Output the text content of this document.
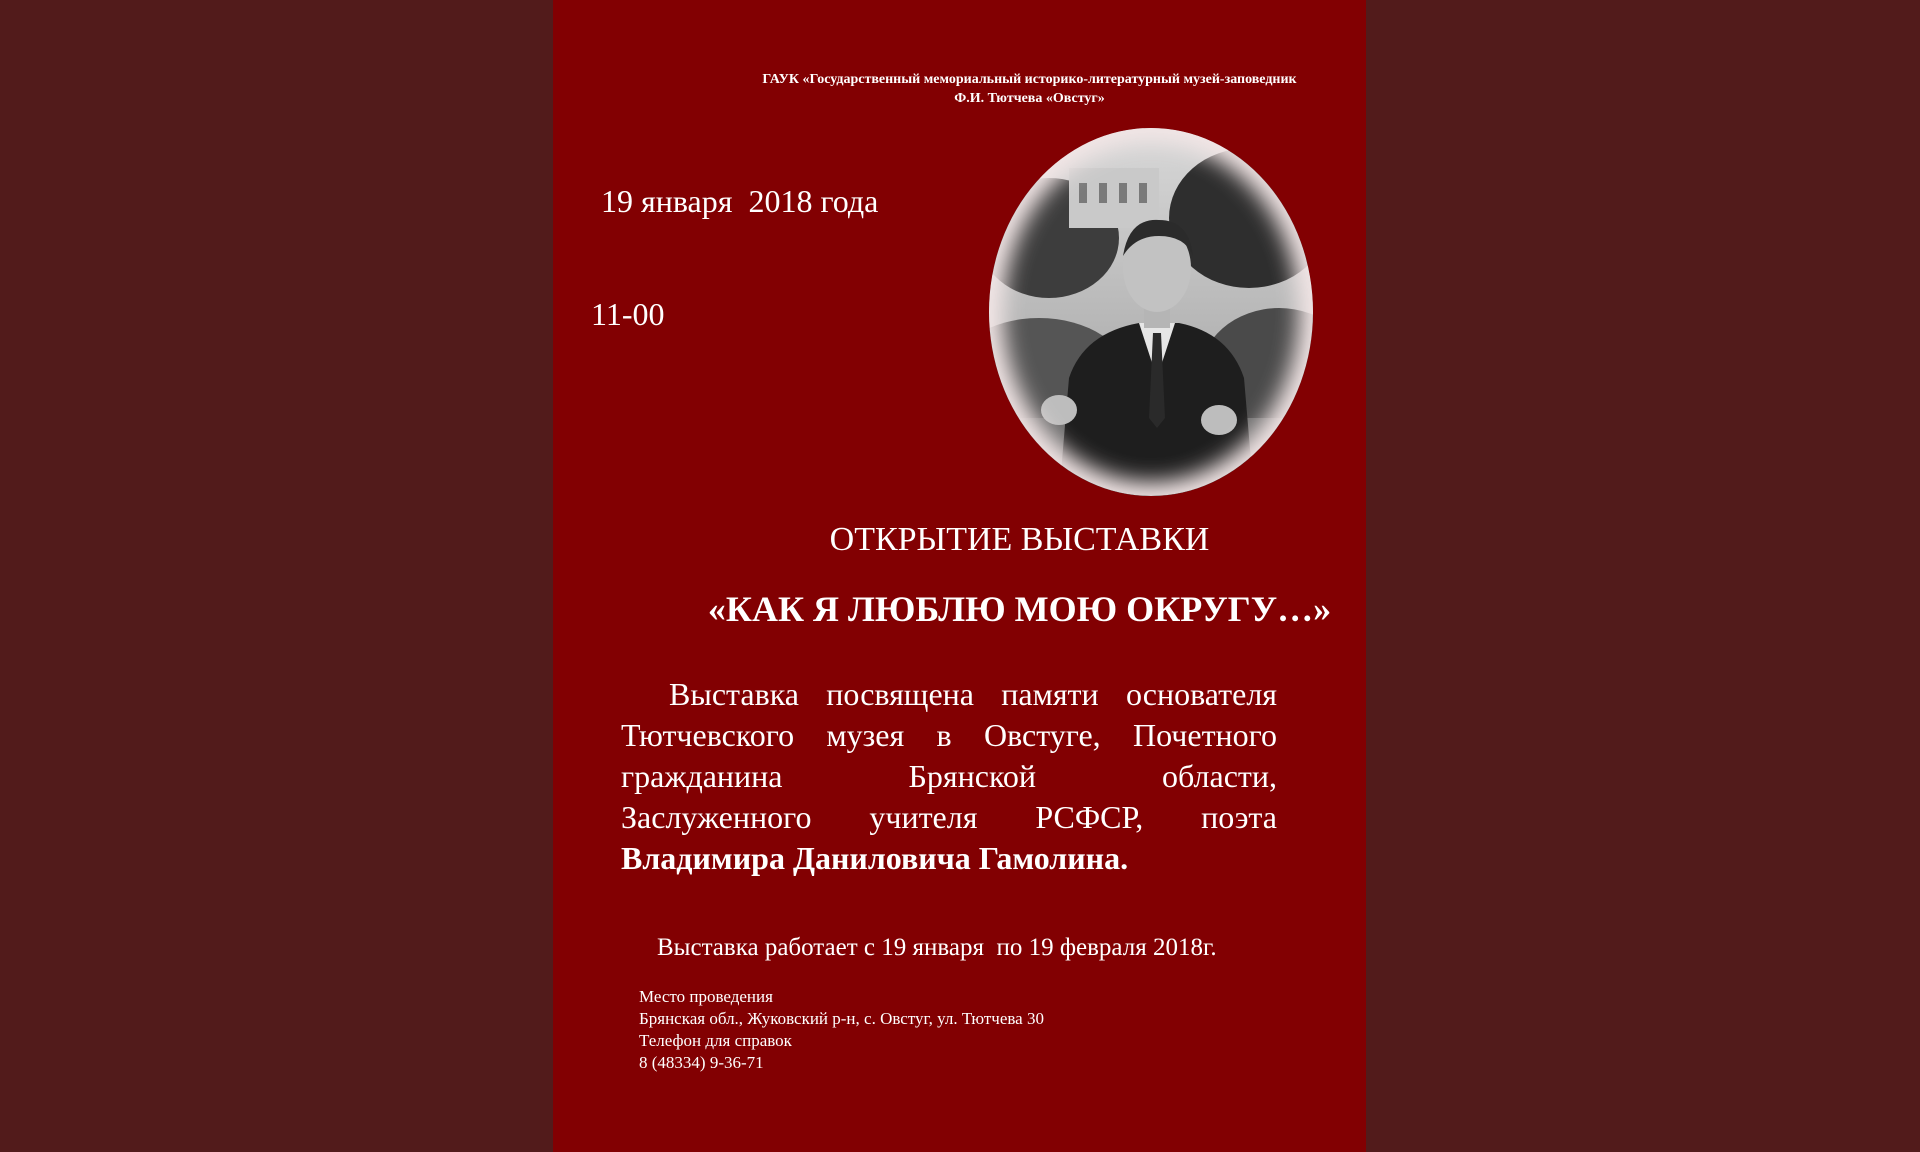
ГАУК «Государственный мемориальный историко-литературный музей-заповедник
Ф.И. Тютчева «Овстуг»
19 января  2018 года
11-00
ОТКРЫТИЕ ВЫСТАВКИ
«КАК Я ЛЮБЛЮ МОЮ ОКРУГУ…»
Выставка посвящена памяти основателя
Тютчевского музея в Овстуге, Почетного
гражданина Брянской области,
Заслуженного учителя РСФСР, поэта
Владимира Даниловича Гамолина.
Выставка работает с 19 января  по 19 февраля 2018г.
Место проведения
Брянская обл., Жуковский р-н, с. Овстуг, ул. Тютчева 30
Телефон для справок
8 (48334) 9-36-71
